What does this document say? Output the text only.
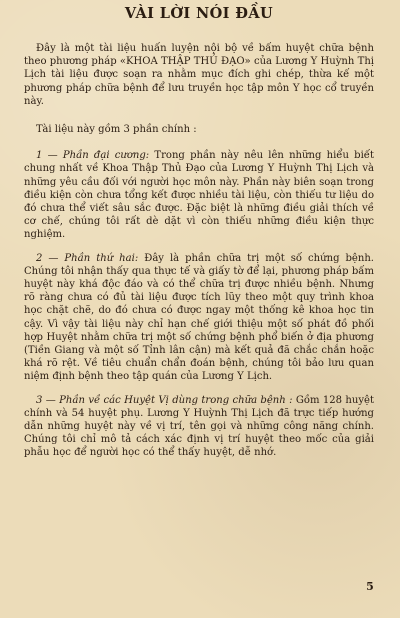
VÀI LỜI NÓI ĐẦU

Đây là một tài liệu huấn luyện nội bộ về bấm huyệt chữa bệnh theo phương pháp «KHOA THẬP THỦ ĐẠO» của Lương Y Huỳnh Thị Lịch tài liệu được soạn ra nhằm mục đích ghi chép, thừa kế một phương pháp chữa bệnh để lưu truyền học tập môn Y học cổ truyền này.

Tài liệu này gồm 3 phần chính :

1 — Phần đại cương: Trong phần này nêu lên những hiểu biết chung nhất về Khoa Thập Thủ Đạo của Lương Y Huỳnh Thị Lịch và những yêu cầu đối với người học môn này. Phần này biên soạn trong điều kiện còn chưa tổng kết được nhiều tài liệu, còn thiếu tư liệu do đó chưa thể viết sâu sắc được. Đặc biệt là những điều giải thích về cơ chế, chúng tôi rất dè dặt vì còn thiếu những điều kiện thực nghiệm.

2 — Phần thứ hai: Đây là phần chữa trị một số chứng bệnh. Chúng tôi nhận thấy qua thực tế và giấy tờ để lại, phương pháp bấm huyệt này khá độc đáo và có thể chữa trị được nhiều bệnh. Nhưng rõ ràng chưa có đủ tài liệu được tích lũy theo một quy trình khoa học chặt chẽ, do đó chưa có được ngay một thống kê khoa học tin cậy. Vì vậy tài liệu này chỉ hạn chế giới thiệu một số phát đồ phối hợp Huyệt nhằm chữa trị một số chứng bệnh phổ biến ở địa phương (Tiền Giang và một số Tỉnh lân cận) mà kết quả đã chắc chắn hoặc khá rõ rệt. Về tiêu chuẩn chẩn đoán bệnh, chúng tôi bảo lưu quan niệm định bệnh theo tập quán của Lương Y Lịch.

3 — Phần về các Huyệt Vị dùng trong chữa bệnh : Gồm 128 huyệt chính và 54 huyệt phụ. Lương Y Huỳnh Thị Lịch đã trực tiếp hướng dẫn những huyệt này về vị trí, tên gọi và những công năng chính. Chúng tôi chỉ mô tả cách xác định vị trí huyệt theo mốc của giải phẫu học để người học có thể thấy huyệt, dễ nhớ.

5
